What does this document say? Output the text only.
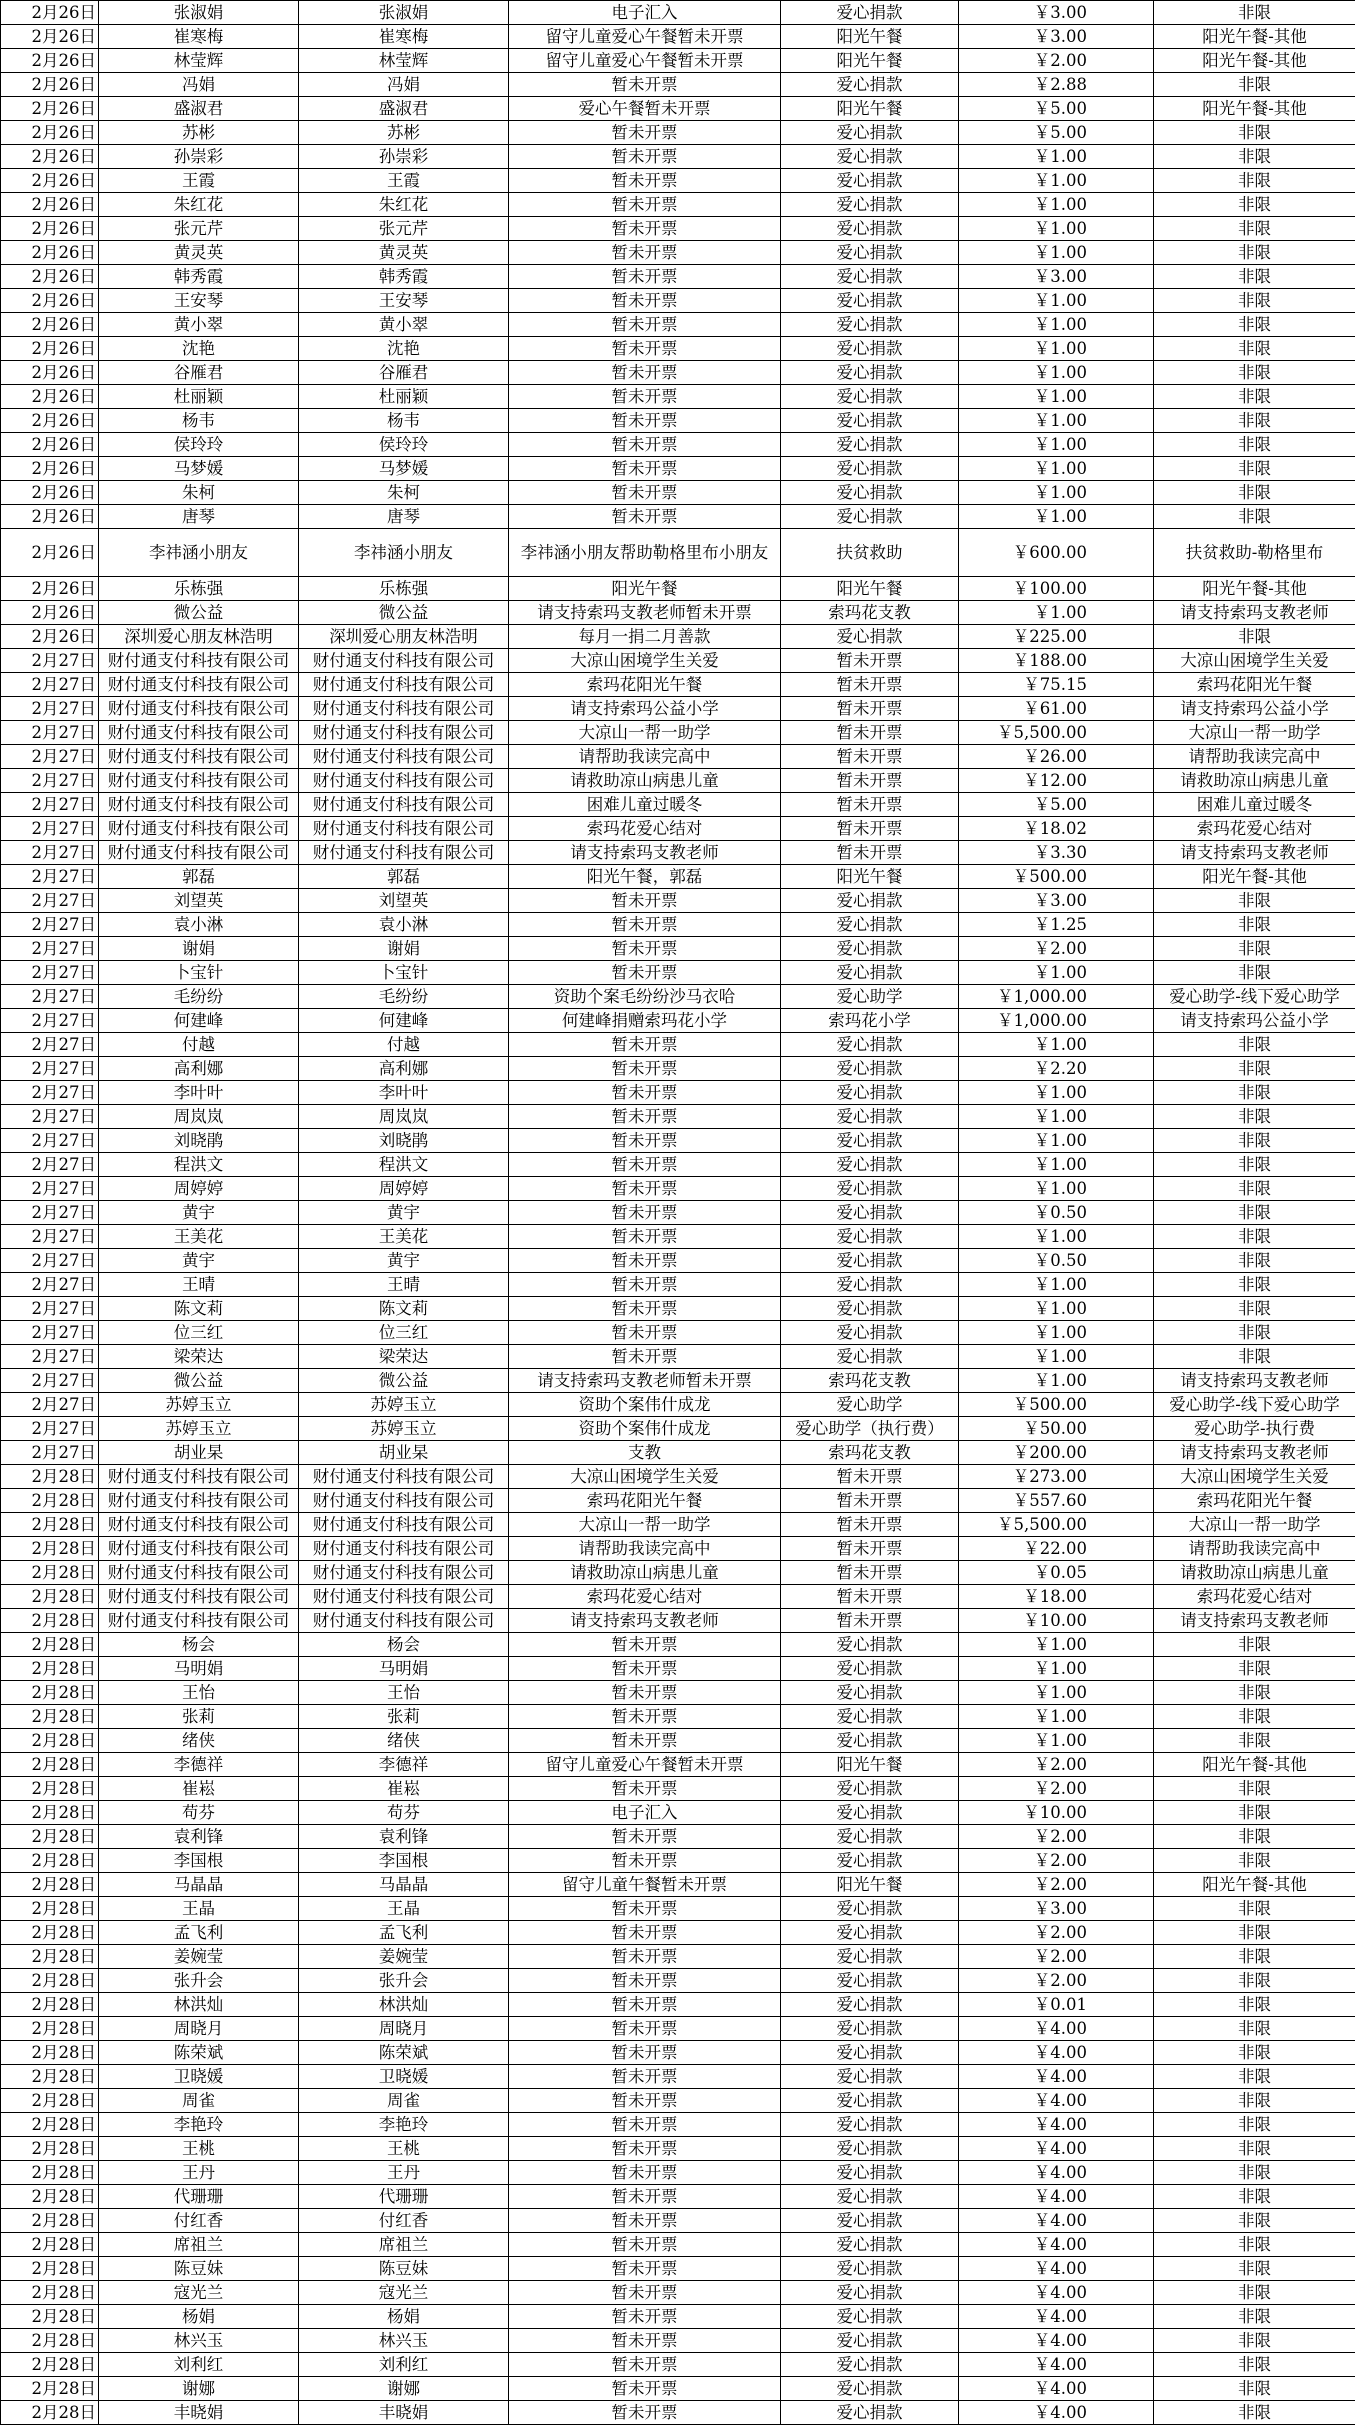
2月26日	张淑娟	张淑娟	电子汇入	爱心捐款	￥3.00	非限
2月26日	崔寒梅	崔寒梅	留守儿童爱心午餐暂未开票	阳光午餐	￥3.00	阳光午餐-其他
2月26日	林莹辉	林莹辉	留守儿童爱心午餐暂未开票	阳光午餐	￥2.00	阳光午餐-其他
2月26日	冯娟	冯娟	暂未开票	爱心捐款	￥2.88	非限
2月26日	盛淑君	盛淑君	爱心午餐暂未开票	阳光午餐	￥5.00	阳光午餐-其他
2月26日	苏彬	苏彬	暂未开票	爱心捐款	￥5.00	非限
2月26日	孙崇彩	孙崇彩	暂未开票	爱心捐款	￥1.00	非限
2月26日	王霞	王霞	暂未开票	爱心捐款	￥1.00	非限
2月26日	朱红花	朱红花	暂未开票	爱心捐款	￥1.00	非限
2月26日	张元芹	张元芹	暂未开票	爱心捐款	￥1.00	非限
2月26日	黄灵英	黄灵英	暂未开票	爱心捐款	￥1.00	非限
2月26日	韩秀霞	韩秀霞	暂未开票	爱心捐款	￥3.00	非限
2月26日	王安琴	王安琴	暂未开票	爱心捐款	￥1.00	非限
2月26日	黄小翠	黄小翠	暂未开票	爱心捐款	￥1.00	非限
2月26日	沈艳	沈艳	暂未开票	爱心捐款	￥1.00	非限
2月26日	谷雁君	谷雁君	暂未开票	爱心捐款	￥1.00	非限
2月26日	杜丽颖	杜丽颖	暂未开票	爱心捐款	￥1.00	非限
2月26日	杨韦	杨韦	暂未开票	爱心捐款	￥1.00	非限
2月26日	侯玲玲	侯玲玲	暂未开票	爱心捐款	￥1.00	非限
2月26日	马梦媛	马梦媛	暂未开票	爱心捐款	￥1.00	非限
2月26日	朱柯	朱柯	暂未开票	爱心捐款	￥1.00	非限
2月26日	唐琴	唐琴	暂未开票	爱心捐款	￥1.00	非限
2月26日	李祎涵小朋友	李祎涵小朋友	李祎涵小朋友帮助勒格里布小朋友	扶贫救助	￥600.00	扶贫救助-勒格里布
2月26日	乐栋强	乐栋强	阳光午餐	阳光午餐	￥100.00	阳光午餐-其他
2月26日	微公益	微公益	请支持索玛支教老师暂未开票	索玛花支教	￥1.00	请支持索玛支教老师
2月26日	深圳爱心朋友林浩明	深圳爱心朋友林浩明	每月一捐二月善款	爱心捐款	￥225.00	非限
2月27日	财付通支付科技有限公司	财付通支付科技有限公司	大凉山困境学生关爱	暂未开票	￥188.00	大凉山困境学生关爱
2月27日	财付通支付科技有限公司	财付通支付科技有限公司	索玛花阳光午餐	暂未开票	￥75.15	索玛花阳光午餐
2月27日	财付通支付科技有限公司	财付通支付科技有限公司	请支持索玛公益小学	暂未开票	￥61.00	请支持索玛公益小学
2月27日	财付通支付科技有限公司	财付通支付科技有限公司	大凉山一帮一助学	暂未开票	￥5,500.00	大凉山一帮一助学
2月27日	财付通支付科技有限公司	财付通支付科技有限公司	请帮助我读完高中	暂未开票	￥26.00	请帮助我读完高中
2月27日	财付通支付科技有限公司	财付通支付科技有限公司	请救助凉山病患儿童	暂未开票	￥12.00	请救助凉山病患儿童
2月27日	财付通支付科技有限公司	财付通支付科技有限公司	困难儿童过暖冬	暂未开票	￥5.00	困难儿童过暖冬
2月27日	财付通支付科技有限公司	财付通支付科技有限公司	索玛花爱心结对	暂未开票	￥18.02	索玛花爱心结对
2月27日	财付通支付科技有限公司	财付通支付科技有限公司	请支持索玛支教老师	暂未开票	￥3.30	请支持索玛支教老师
2月27日	郭磊	郭磊	阳光午餐，郭磊	阳光午餐	￥500.00	阳光午餐-其他
2月27日	刘望英	刘望英	暂未开票	爱心捐款	￥3.00	非限
2月27日	袁小淋	袁小淋	暂未开票	爱心捐款	￥1.25	非限
2月27日	谢娟	谢娟	暂未开票	爱心捐款	￥2.00	非限
2月27日	卜宝针	卜宝针	暂未开票	爱心捐款	￥1.00	非限
2月27日	毛纷纷	毛纷纷	资助个案毛纷纷沙马衣哈	爱心助学	￥1,000.00	爱心助学-线下爱心助学
2月27日	何建峰	何建峰	何建峰捐赠索玛花小学	索玛花小学	￥1,000.00	请支持索玛公益小学
2月27日	付越	付越	暂未开票	爱心捐款	￥1.00	非限
2月27日	高利娜	高利娜	暂未开票	爱心捐款	￥2.20	非限
2月27日	李叶叶	李叶叶	暂未开票	爱心捐款	￥1.00	非限
2月27日	周岚岚	周岚岚	暂未开票	爱心捐款	￥1.00	非限
2月27日	刘晓鹃	刘晓鹃	暂未开票	爱心捐款	￥1.00	非限
2月27日	程洪文	程洪文	暂未开票	爱心捐款	￥1.00	非限
2月27日	周婷婷	周婷婷	暂未开票	爱心捐款	￥1.00	非限
2月27日	黄宇	黄宇	暂未开票	爱心捐款	￥0.50	非限
2月27日	王美花	王美花	暂未开票	爱心捐款	￥1.00	非限
2月27日	黄宇	黄宇	暂未开票	爱心捐款	￥0.50	非限
2月27日	王晴	王晴	暂未开票	爱心捐款	￥1.00	非限
2月27日	陈文莉	陈文莉	暂未开票	爱心捐款	￥1.00	非限
2月27日	位三红	位三红	暂未开票	爱心捐款	￥1.00	非限
2月27日	梁荣达	梁荣达	暂未开票	爱心捐款	￥1.00	非限
2月27日	微公益	微公益	请支持索玛支教老师暂未开票	索玛花支教	￥1.00	请支持索玛支教老师
2月27日	苏婷玉立	苏婷玉立	资助个案伟什成龙	爱心助学	￥500.00	爱心助学-线下爱心助学
2月27日	苏婷玉立	苏婷玉立	资助个案伟什成龙	爱心助学（执行费）	￥50.00	爱心助学-执行费
2月27日	胡业杲	胡业杲	支教	索玛花支教	￥200.00	请支持索玛支教老师
2月28日	财付通支付科技有限公司	财付通支付科技有限公司	大凉山困境学生关爱	暂未开票	￥273.00	大凉山困境学生关爱
2月28日	财付通支付科技有限公司	财付通支付科技有限公司	索玛花阳光午餐	暂未开票	￥557.60	索玛花阳光午餐
2月28日	财付通支付科技有限公司	财付通支付科技有限公司	大凉山一帮一助学	暂未开票	￥5,500.00	大凉山一帮一助学
2月28日	财付通支付科技有限公司	财付通支付科技有限公司	请帮助我读完高中	暂未开票	￥22.00	请帮助我读完高中
2月28日	财付通支付科技有限公司	财付通支付科技有限公司	请救助凉山病患儿童	暂未开票	￥0.05	请救助凉山病患儿童
2月28日	财付通支付科技有限公司	财付通支付科技有限公司	索玛花爱心结对	暂未开票	￥18.00	索玛花爱心结对
2月28日	财付通支付科技有限公司	财付通支付科技有限公司	请支持索玛支教老师	暂未开票	￥10.00	请支持索玛支教老师
2月28日	杨会	杨会	暂未开票	爱心捐款	￥1.00	非限
2月28日	马明娟	马明娟	暂未开票	爱心捐款	￥1.00	非限
2月28日	王怡	王怡	暂未开票	爱心捐款	￥1.00	非限
2月28日	张莉	张莉	暂未开票	爱心捐款	￥1.00	非限
2月28日	绪侠	绪侠	暂未开票	爱心捐款	￥1.00	非限
2月28日	李德祥	李德祥	留守儿童爱心午餐暂未开票	阳光午餐	￥2.00	阳光午餐-其他
2月28日	崔崧	崔崧	暂未开票	爱心捐款	￥2.00	非限
2月28日	苟芬	苟芬	电子汇入	爱心捐款	￥10.00	非限
2月28日	袁利锋	袁利锋	暂未开票	爱心捐款	￥2.00	非限
2月28日	李国根	李国根	暂未开票	爱心捐款	￥2.00	非限
2月28日	马晶晶	马晶晶	留守儿童午餐暂未开票	阳光午餐	￥2.00	阳光午餐-其他
2月28日	王晶	王晶	暂未开票	爱心捐款	￥3.00	非限
2月28日	孟飞利	孟飞利	暂未开票	爱心捐款	￥2.00	非限
2月28日	姜婉莹	姜婉莹	暂未开票	爱心捐款	￥2.00	非限
2月28日	张升会	张升会	暂未开票	爱心捐款	￥2.00	非限
2月28日	林洪灿	林洪灿	暂未开票	爱心捐款	￥0.01	非限
2月28日	周晓月	周晓月	暂未开票	爱心捐款	￥4.00	非限
2月28日	陈荣斌	陈荣斌	暂未开票	爱心捐款	￥4.00	非限
2月28日	卫晓媛	卫晓媛	暂未开票	爱心捐款	￥4.00	非限
2月28日	周雀	周雀	暂未开票	爱心捐款	￥4.00	非限
2月28日	李艳玲	李艳玲	暂未开票	爱心捐款	￥4.00	非限
2月28日	王桃	王桃	暂未开票	爱心捐款	￥4.00	非限
2月28日	王丹	王丹	暂未开票	爱心捐款	￥4.00	非限
2月28日	代珊珊	代珊珊	暂未开票	爱心捐款	￥4.00	非限
2月28日	付红香	付红香	暂未开票	爱心捐款	￥4.00	非限
2月28日	席祖兰	席祖兰	暂未开票	爱心捐款	￥4.00	非限
2月28日	陈豆妹	陈豆妹	暂未开票	爱心捐款	￥4.00	非限
2月28日	寇光兰	寇光兰	暂未开票	爱心捐款	￥4.00	非限
2月28日	杨娟	杨娟	暂未开票	爱心捐款	￥4.00	非限
2月28日	林兴玉	林兴玉	暂未开票	爱心捐款	￥4.00	非限
2月28日	刘利红	刘利红	暂未开票	爱心捐款	￥4.00	非限
2月28日	谢娜	谢娜	暂未开票	爱心捐款	￥4.00	非限
2月28日	丰晓娟	丰晓娟	暂未开票	爱心捐款	￥4.00	非限
